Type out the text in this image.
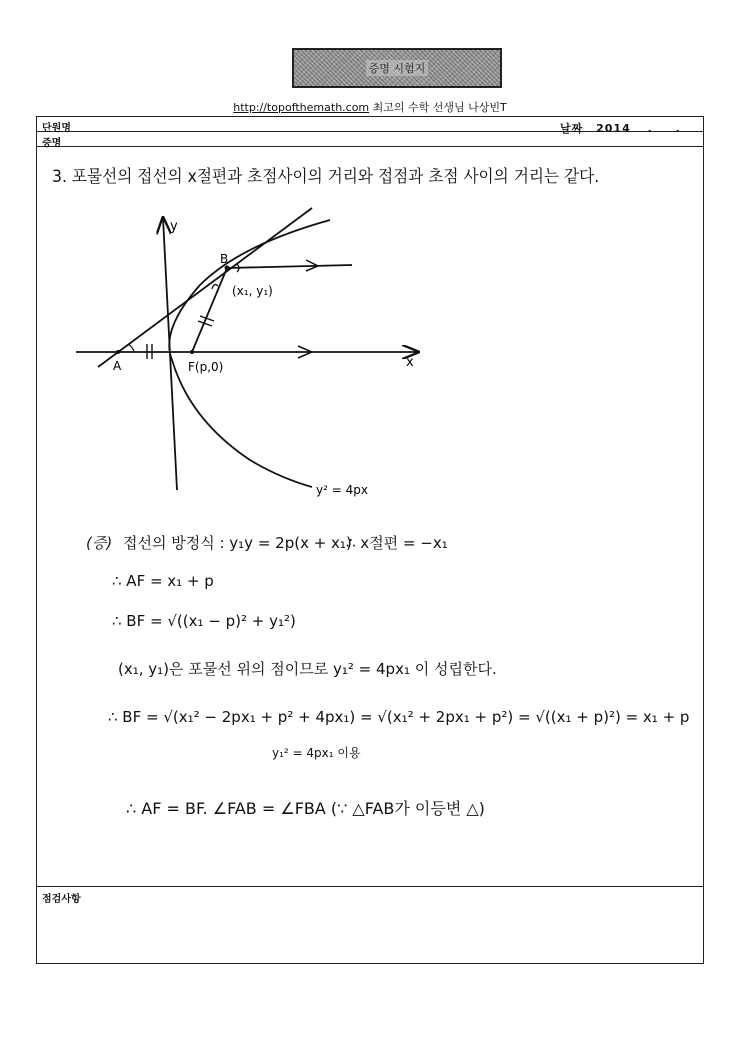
증명 시험지
http://topofthemath.com 최고의 수학 선생님 나상빈T
단원명	날짜 2014 . .
증명
점검사항
3. 포물선의 접선의 x절편과 초점사이의 거리와 접점과 초점 사이의 거리는 같다.
x
y
B
(x₁, y₁)
A	F(p,0)
y² = 4px
(증) 접선의 방정식 : y₁y = 2p(x + x₁)
∴ x절편 = −x₁
∴ AF = x₁ + p
∴ BF = √((x₁ − p)² + y₁²)
(x₁, y₁)은 포물선 위의 점이므로 y₁² = 4px₁ 이 성립한다.
∴ BF = √(x₁² − 2px₁ + p² + 4px₁) = √(x₁² + 2px₁ + p²) = √((x₁ + p)²) = x₁ + p
y₁² = 4px₁ 이용
∴ AF = BF. ∠FAB = ∠FBA (∵ △FAB가 이등변 △)
